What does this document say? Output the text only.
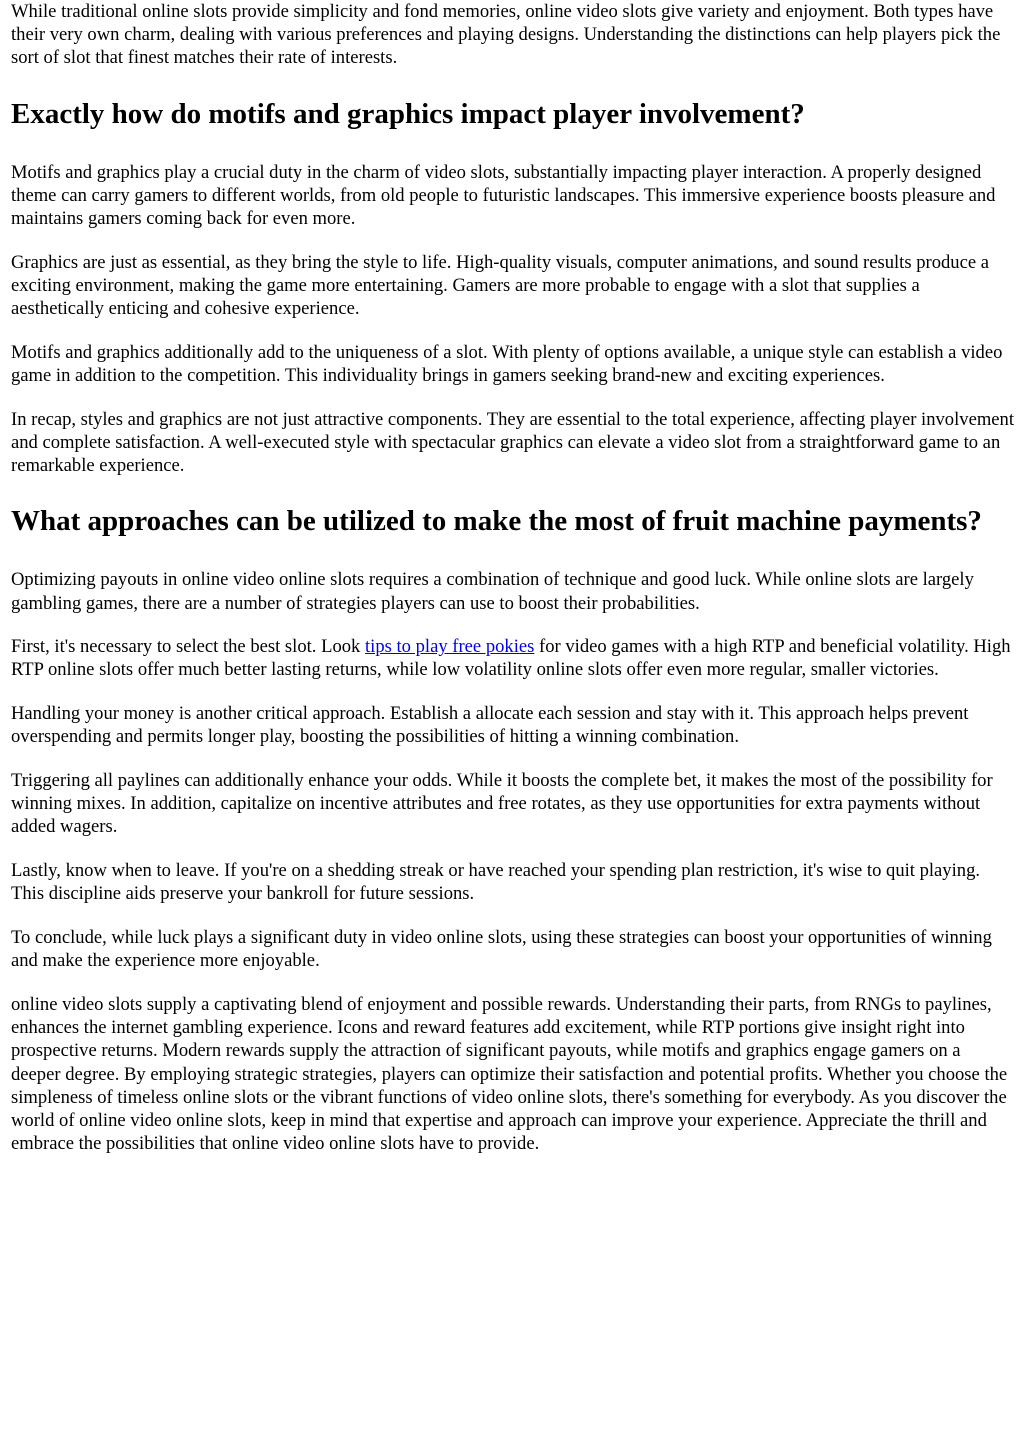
While traditional online slots provide simplicity and fond memories, online video slots give variety and enjoyment. Both types have their very own charm, dealing with various preferences and playing designs. Understanding the distinctions can help players pick the sort of slot that finest matches their rate of interests.

Exactly how do motifs and graphics impact player involvement?

Motifs and graphics play a crucial duty in the charm of video slots, substantially impacting player interaction. A properly designed theme can carry gamers to different worlds, from old people to futuristic landscapes. This immersive experience boosts pleasure and maintains gamers coming back for even more.

Graphics are just as essential, as they bring the style to life. High-quality visuals, computer animations, and sound results produce a exciting environment, making the game more entertaining. Gamers are more probable to engage with a slot that supplies a aesthetically enticing and cohesive experience.

Motifs and graphics additionally add to the uniqueness of a slot. With plenty of options available, a unique style can establish a video game in addition to the competition. This individuality brings in gamers seeking brand-new and exciting experiences.

In recap, styles and graphics are not just attractive components. They are essential to the total experience, affecting player involvement and complete satisfaction. A well-executed style with spectacular graphics can elevate a video slot from a straightforward game to an remarkable experience.

What approaches can be utilized to make the most of fruit machine payments?

Optimizing payouts in online video online slots requires a combination of technique and good luck. While online slots are largely gambling games, there are a number of strategies players can use to boost their probabilities.

First, it's necessary to select the best slot. Look tips to play free pokies for video games with a high RTP and beneficial volatility. High RTP online slots offer much better lasting returns, while low volatility online slots offer even more regular, smaller victories.

Handling your money is another critical approach. Establish a allocate each session and stay with it. This approach helps prevent overspending and permits longer play, boosting the possibilities of hitting a winning combination.

Triggering all paylines can additionally enhance your odds. While it boosts the complete bet, it makes the most of the possibility for winning mixes. In addition, capitalize on incentive attributes and free rotates, as they use opportunities for extra payments without added wagers.

Lastly, know when to leave. If you're on a shedding streak or have reached your spending plan restriction, it's wise to quit playing. This discipline aids preserve your bankroll for future sessions.

To conclude, while luck plays a significant duty in video online slots, using these strategies can boost your opportunities of winning and make the experience more enjoyable.

online video slots supply a captivating blend of enjoyment and possible rewards. Understanding their parts, from RNGs to paylines, enhances the internet gambling experience. Icons and reward features add excitement, while RTP portions give insight right into prospective returns. Modern rewards supply the attraction of significant payouts, while motifs and graphics engage gamers on a deeper degree. By employing strategic strategies, players can optimize their satisfaction and potential profits. Whether you choose the simpleness of timeless online slots or the vibrant functions of video online slots, there's something for everybody. As you discover the world of online video online slots, keep in mind that expertise and approach can improve your experience. Appreciate the thrill and embrace the possibilities that online video online slots have to provide.
